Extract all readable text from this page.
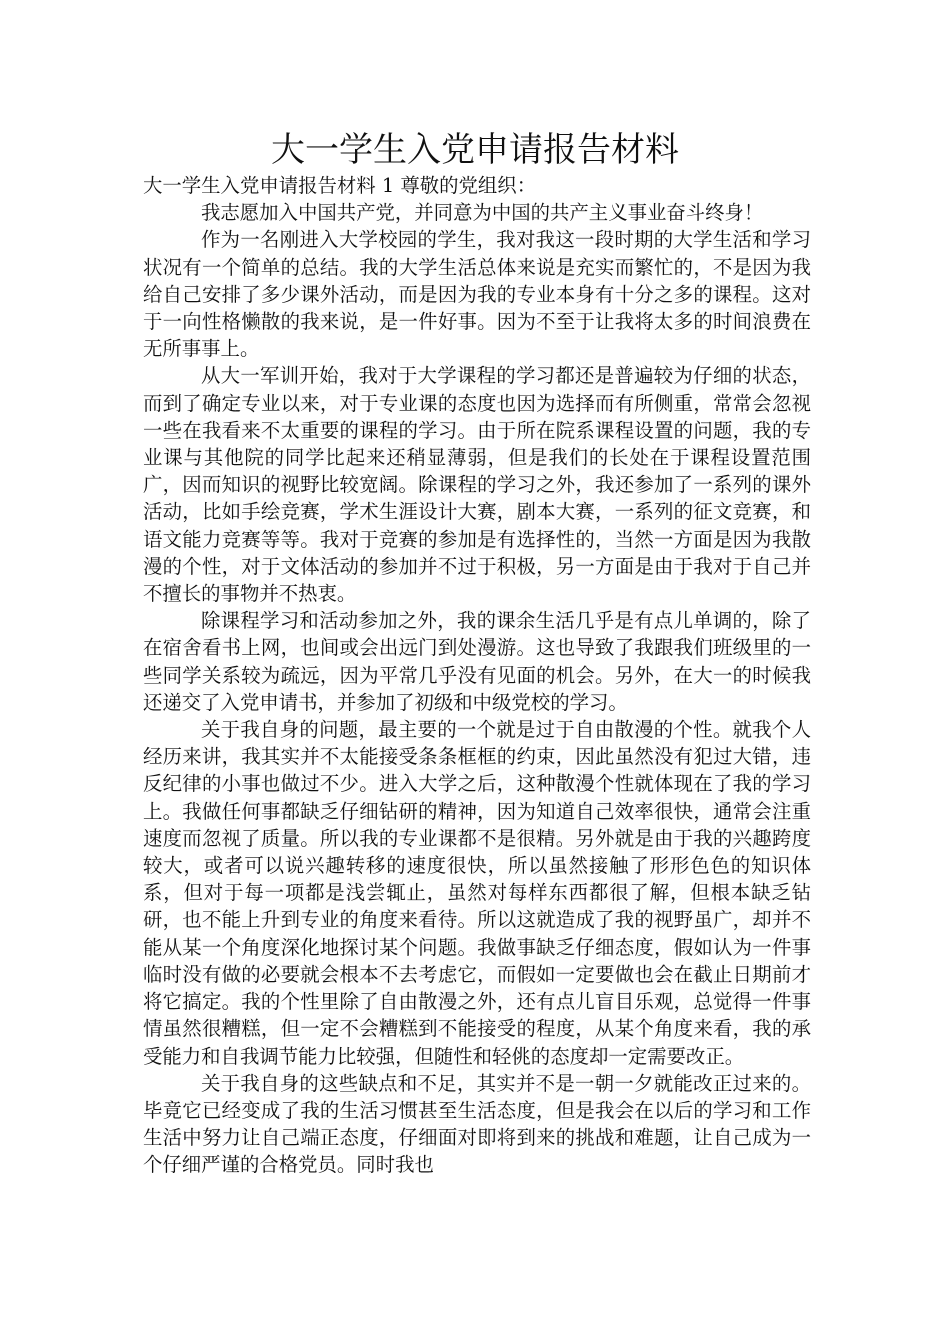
大一学生入党申请报告材料

大一学生入党申请报告材料 1 尊敬的党组织：

我志愿加入中国共产党，并同意为中国的共产主义事业奋斗终身！

作为一名刚进入大学校园的学生，我对我这一段时期的大学生活和学习状况有一个简单的总结。我的大学生活总体来说是充实而繁忙的，不是因为我给自己安排了多少课外活动，而是因为我的专业本身有十分之多的课程。这对于一向性格懒散的我来说，是一件好事。因为不至于让我将太多的时间浪费在无所事事上。

从大一军训开始，我对于大学课程的学习都还是普遍较为仔细的状态，而到了确定专业以来，对于专业课的态度也因为选择而有所侧重，常常会忽视一些在我看来不太重要的课程的学习。由于所在院系课程设置的问题，我的专业课与其他院的同学比起来还稍显薄弱，但是我们的长处在于课程设置范围广，因而知识的视野比较宽阔。除课程的学习之外，我还参加了一系列的课外活动，比如手绘竞赛，学术生涯设计大赛，剧本大赛，一系列的征文竞赛，和语文能力竞赛等等。我对于竞赛的参加是有选择性的，当然一方面是因为我散漫的个性，对于文体活动的参加并不过于积极，另一方面是由于我对于自己并不擅长的事物并不热衷。

除课程学习和活动参加之外，我的课余生活几乎是有点儿单调的，除了在宿舍看书上网，也间或会出远门到处漫游。这也导致了我跟我们班级里的一些同学关系较为疏远，因为平常几乎没有见面的机会。另外，在大一的时候我还递交了入党申请书，并参加了初级和中级党校的学习。

关于我自身的问题，最主要的一个就是过于自由散漫的个性。就我个人经历来讲，我其实并不太能接受条条框框的约束，因此虽然没有犯过大错，违反纪律的小事也做过不少。进入大学之后，这种散漫个性就体现在了我的学习上。我做任何事都缺乏仔细钻研的精神，因为知道自己效率很快，通常会注重速度而忽视了质量。所以我的专业课都不是很精。另外就是由于我的兴趣跨度较大，或者可以说兴趣转移的速度很快，所以虽然接触了形形色色的知识体系，但对于每一项都是浅尝辄止，虽然对每样东西都很了解，但根本缺乏钻研，也不能上升到专业的角度来看待。所以这就造成了我的视野虽广，却并不能从某一个角度深化地探讨某个问题。我做事缺乏仔细态度，假如认为一件事临时没有做的必要就会根本不去考虑它，而假如一定要做也会在截止日期前才将它搞定。我的个性里除了自由散漫之外，还有点儿盲目乐观，总觉得一件事情虽然很糟糕，但一定不会糟糕到不能接受的程度，从某个角度来看，我的承受能力和自我调节能力比较强，但随性和轻佻的态度却一定需要改正。

关于我自身的这些缺点和不足，其实并不是一朝一夕就能改正过来的。毕竟它已经变成了我的生活习惯甚至生活态度，但是我会在以后的学习和工作生活中努力让自己端正态度，仔细面对即将到来的挑战和难题，让自己成为一个仔细严谨的合格党员。同时我也
